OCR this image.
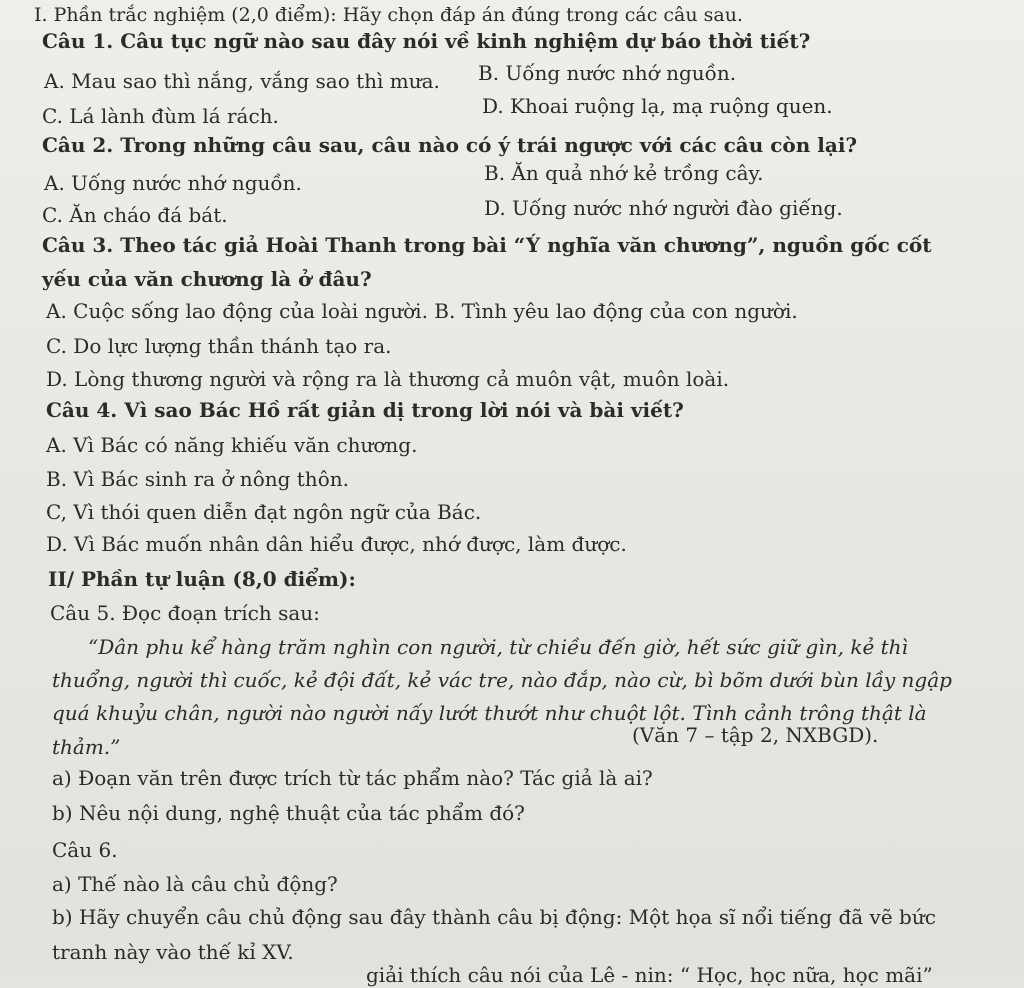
I. Phần trắc nghiệm (2,0 điểm): Hãy chọn đáp án đúng trong các câu sau.
Câu 1. Câu tục ngữ nào sau đây nói về kinh nghiệm dự báo thời tiết?
A. Mau sao thì nắng, vắng sao thì mưa. B. Uống nước nhớ nguồn.
C. Lá lành đùm lá rách.	D. Khoai ruộng lạ, mạ ruộng quen.
Câu 2. Trong những câu sau, câu nào có ý trái ngược với các câu còn lại?
A. Uống nước nhớ nguồn.	B. Ăn quả nhớ kẻ trồng cây.
C. Ăn cháo đá bát.	D. Uống nước nhớ người đào giếng.
Câu 3. Theo tác giả Hoài Thanh trong bài “Ý nghĩa văn chương”, nguồn gốc cốt
yếu của văn chương là ở đâu?
A. Cuộc sống lao động của loài người. B. Tình yêu lao động của con người.
C. Do lực lượng thần thánh tạo ra.
D. Lòng thương người và rộng ra là thương cả muôn vật, muôn loài.
Câu 4. Vì sao Bác Hồ rất giản dị trong lời nói và bài viết?
A. Vì Bác có năng khiếu văn chương.
B. Vì Bác sinh ra ở nông thôn.
C, Vì thói quen diễn đạt ngôn ngữ của Bác.
D. Vì Bác muốn nhân dân hiểu được, nhớ được, làm được.
II/ Phần tự luận (8,0 điểm):
Câu 5. Đọc đoạn trích sau:
“Dân phu kể hàng trăm nghìn con người, từ chiều đến giờ, hết sức giữ gìn, kẻ thì
thuổng, người thì cuốc, kẻ đội đất, kẻ vác tre, nào đắp, nào cừ, bì bõm dưới bùn lầy ngập
quá khuỷu chân, người nào người nấy lướt thướt như chuột lột. Tình cảnh trông thật là
thảm.”	(Văn 7 – tập 2, NXBGD).
a) Đoạn văn trên được trích từ tác phẩm nào? Tác giả là ai?
b) Nêu nội dung, nghệ thuật của tác phẩm đó?
Câu 6.
a) Thế nào là câu chủ động?
b) Hãy chuyển câu chủ động sau đây thành câu bị động: Một họa sĩ nổi tiếng đã vẽ bức
tranh này vào thế kỉ XV.
giải thích câu nói của Lê - nin: “ Học, học nữa, học mãi”
